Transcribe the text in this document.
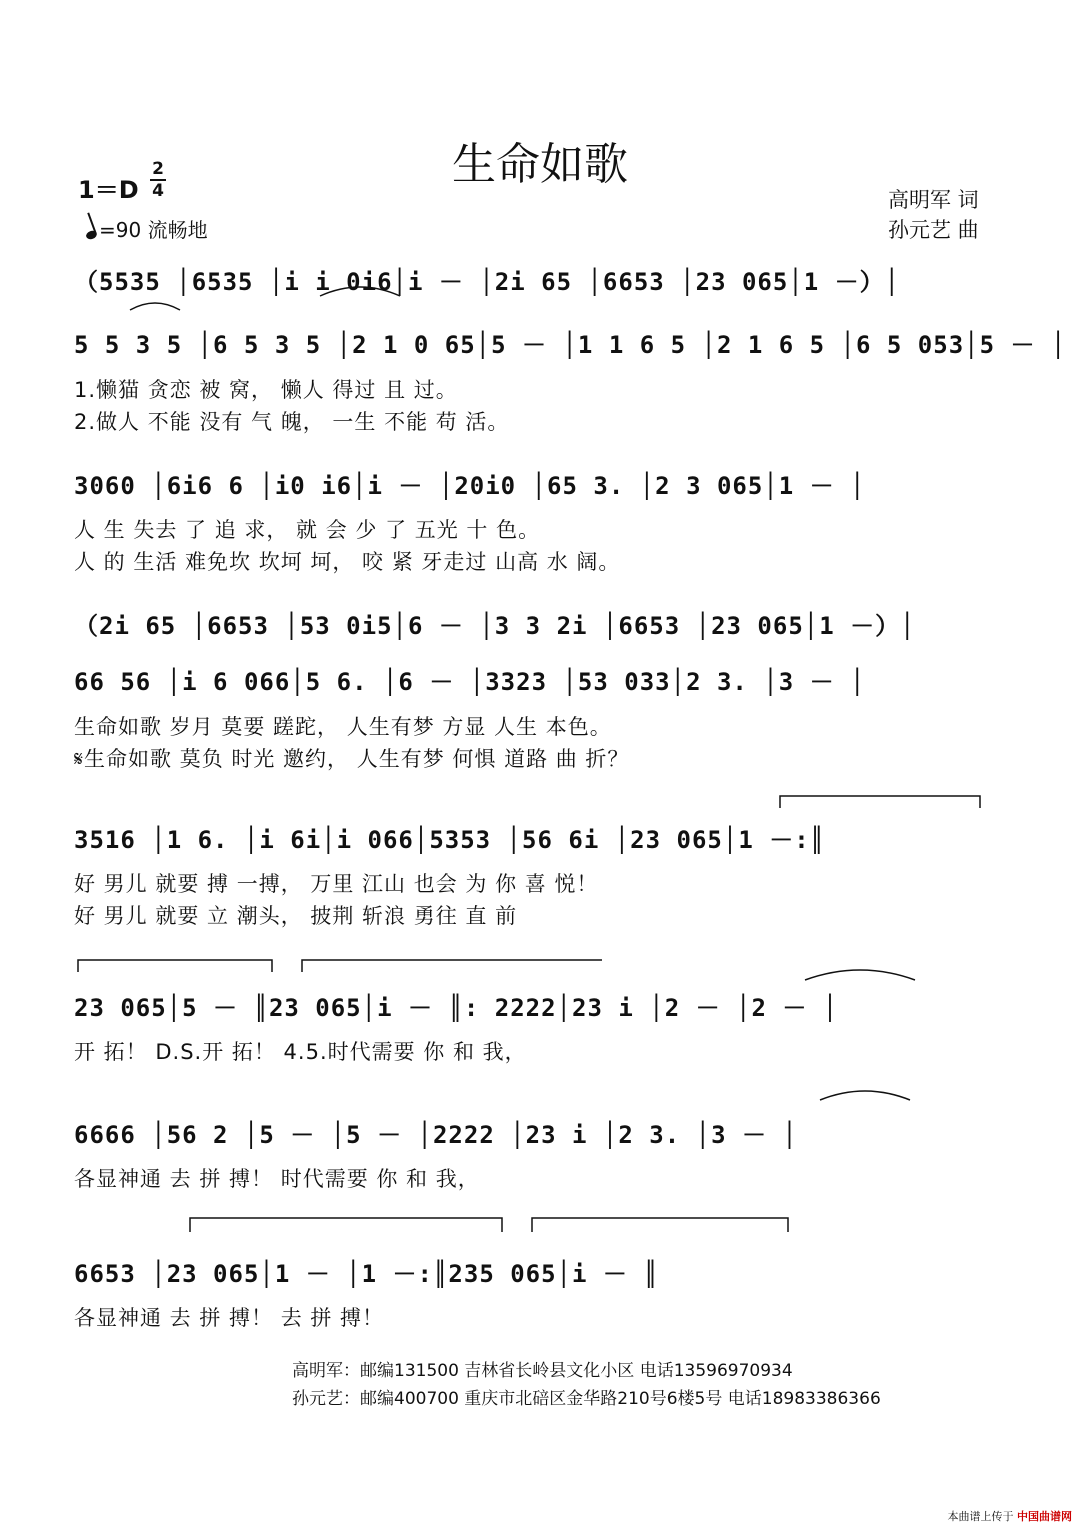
生命如歌
1＝D
2
4
=90 流畅地
高明军 词
孙元艺 曲
（5535 │6535 │i i 0i6│i － │2i 65 │6653 │23 065│1 －）│
5 5 3 5 │6 5 3 5 │2 1 0 65│5 － │1 1 6 5 │2 1 6 5 │6 5 053│5 － │
1.懒猫 贪恋 被 窝， 懒人 得过 且 过。
2.做人 不能 没有 气 魄， 一生 不能 苟 活。
3060 │6i6 6 │i0 i6│i － │20i0 │65 3. │2 3 065│1 － │
人 生 失去 了 追 求， 就 会 少 了 五光 十 色。
人 的 生活 难免坎 坎坷 坷， 咬 紧 牙走过 山高 水 阔。
（2i 65 │6653 │53 0i5│6 － │3 3 2i │6653 │23 065│1 －）│
66 56 │i 6 066│5 6. │6 － │3323 │53 033│2 3. │3 － │
生命如歌 岁月 莫要 蹉跎， 人生有梦 方显 人生 本色。
𝄋生命如歌 莫负 时光 邀约， 人生有梦 何惧 道路 曲 折？
3516 │1 6. │i 6i│i 066│5353 │56 6i │23 065│1 －:║
好 男儿 就要 搏 一搏， 万里 江山 也会 为 你 喜 悦！
好 男儿 就要 立 潮头， 披荆 斩浪 勇往 直 前
23 065│5 － ║23 065│i － ║: 2222│23 i │2 － │2 － │
开 拓！ D.S.开 拓！ 4.5.时代需要 你 和 我，
6666 │56 2 │5 － │5 － │2222 │23 i │2 3. │3 － │
各显神通 去 拼 搏！ 时代需要 你 和 我，
6653 │23 065│1 － │1 －:║235 065│i － ║
各显神通 去 拼 搏！ 去 拼 搏！
高明军：邮编131500 吉林省长岭县文化小区 电话13596970934
孙元艺：邮编400700 重庆市北碚区金华路210号6楼5号 电话18983386366
本曲谱上传于 中国曲谱网
